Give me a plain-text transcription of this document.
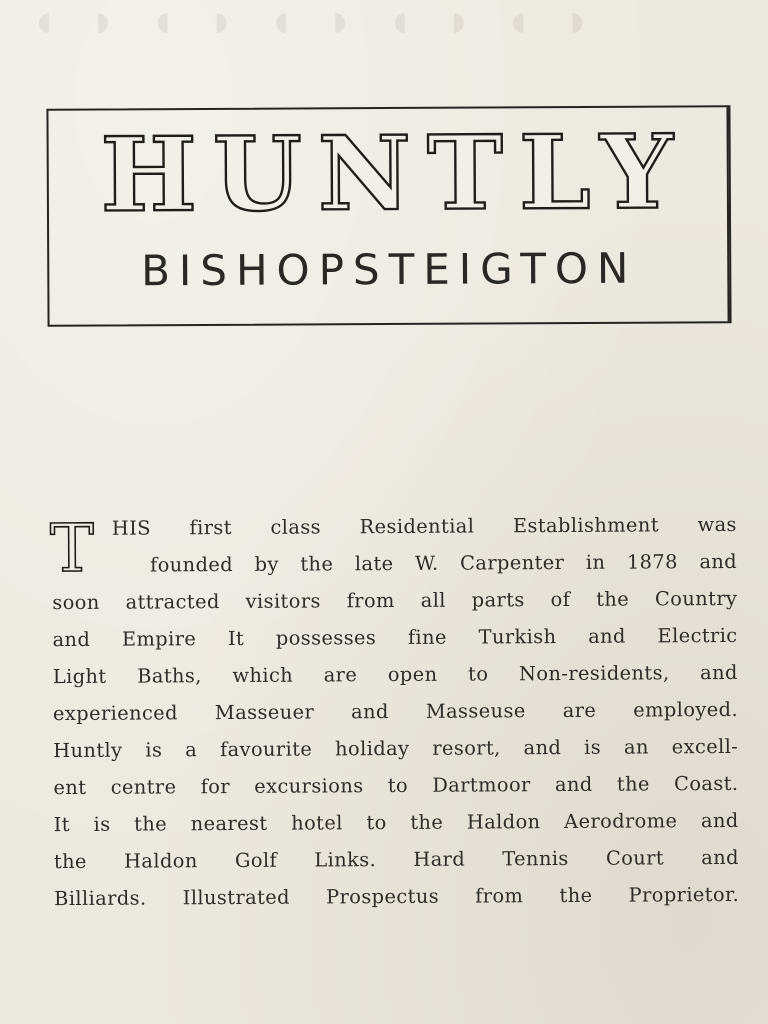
◖ ◗ ◖ ◗ ◖ ◗ ◖ ◗ ◖ ◗
HUNTLY
BISHOPSTEIGTON
T HIS first class Residential Establishment was
founded by the late W. Carpenter in 1878 and
soon attracted visitors from all parts of the Country
and Empire It possesses fine Turkish and Electric
Light Baths, which are open to Non-residents, and
experienced Masseuer and Masseuse are employed.
Huntly is a favourite holiday resort, and is an excell-
ent centre for excursions to Dartmoor and the Coast.
It is the nearest hotel to the Haldon Aerodrome and
the Haldon Golf Links. Hard Tennis Court and
Billiards. Illustrated Prospectus from the Proprietor.
